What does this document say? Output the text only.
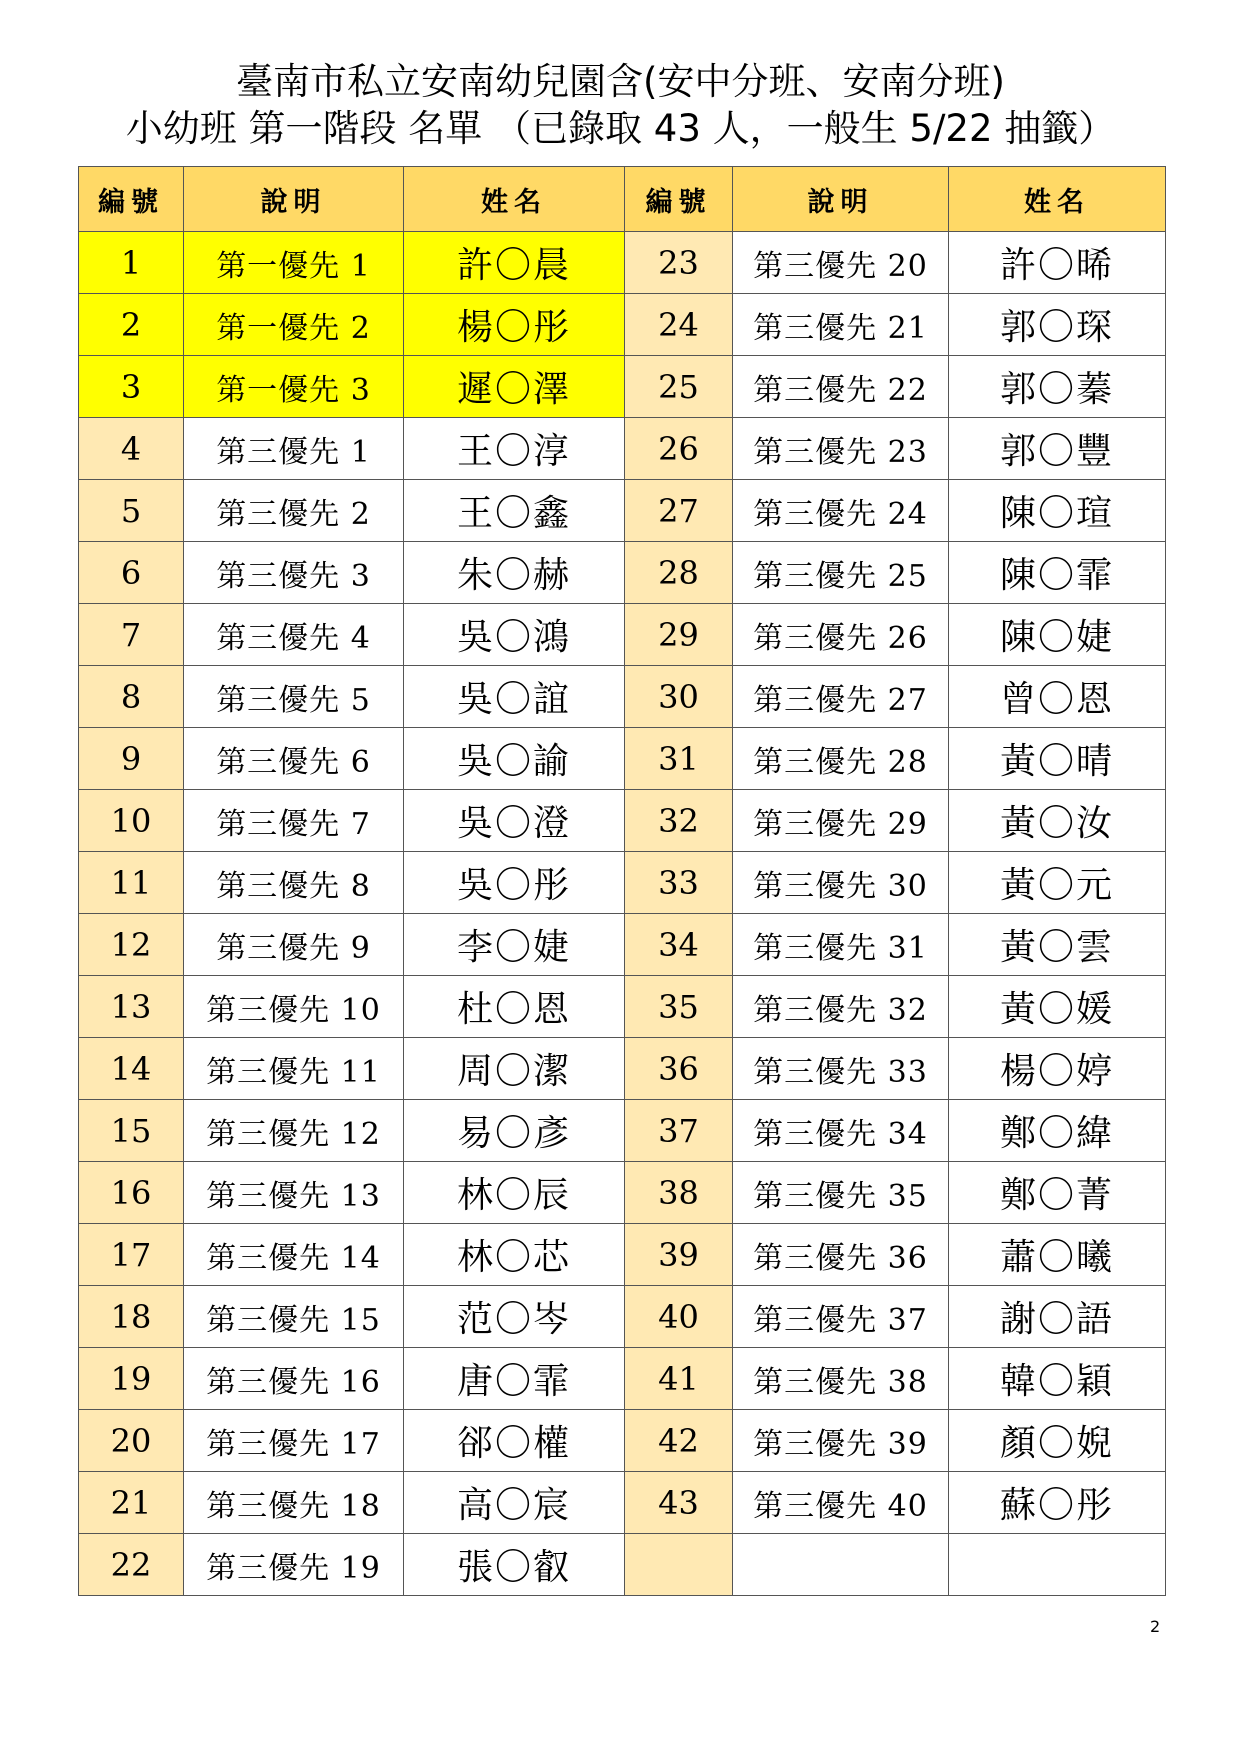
臺南市私立安南幼兒園含(安中分班、安南分班)
小幼班 第一階段 名單 （已錄取 43 人，一般生 5/22 抽籤）
編號	說明	姓名	編號	說明	姓名
1	第一優先 1	許〇晨	23	第三優先 20	許〇晞
2	第一優先 2	楊〇彤	24	第三優先 21	郭〇琛
3	第一優先 3	遲〇澤	25	第三優先 22	郭〇蓁
4	第三優先 1	王〇淳	26	第三優先 23	郭〇豐
5	第三優先 2	王〇鑫	27	第三優先 24	陳〇瑄
6	第三優先 3	朱〇赫	28	第三優先 25	陳〇霏
7	第三優先 4	吳〇鴻	29	第三優先 26	陳〇婕
8	第三優先 5	吳〇誼	30	第三優先 27	曾〇恩
9	第三優先 6	吳〇諭	31	第三優先 28	黃〇晴
10	第三優先 7	吳〇澄	32	第三優先 29	黃〇汝
11	第三優先 8	吳〇彤	33	第三優先 30	黃〇元
12	第三優先 9	李〇婕	34	第三優先 31	黃〇雲
13	第三優先 10	杜〇恩	35	第三優先 32	黃〇媛
14	第三優先 11	周〇潔	36	第三優先 33	楊〇婷
15	第三優先 12	易〇彥	37	第三優先 34	鄭〇緯
16	第三優先 13	林〇辰	38	第三優先 35	鄭〇菁
17	第三優先 14	林〇芯	39	第三優先 36	蕭〇曦
18	第三優先 15	范〇岑	40	第三優先 37	謝〇語
19	第三優先 16	唐〇霏	41	第三優先 38	韓〇穎
20	第三優先 17	郤〇權	42	第三優先 39	顏〇婗
21	第三優先 18	高〇宸	43	第三優先 40	蘇〇彤
22	第三優先 19	張〇叡			
2
